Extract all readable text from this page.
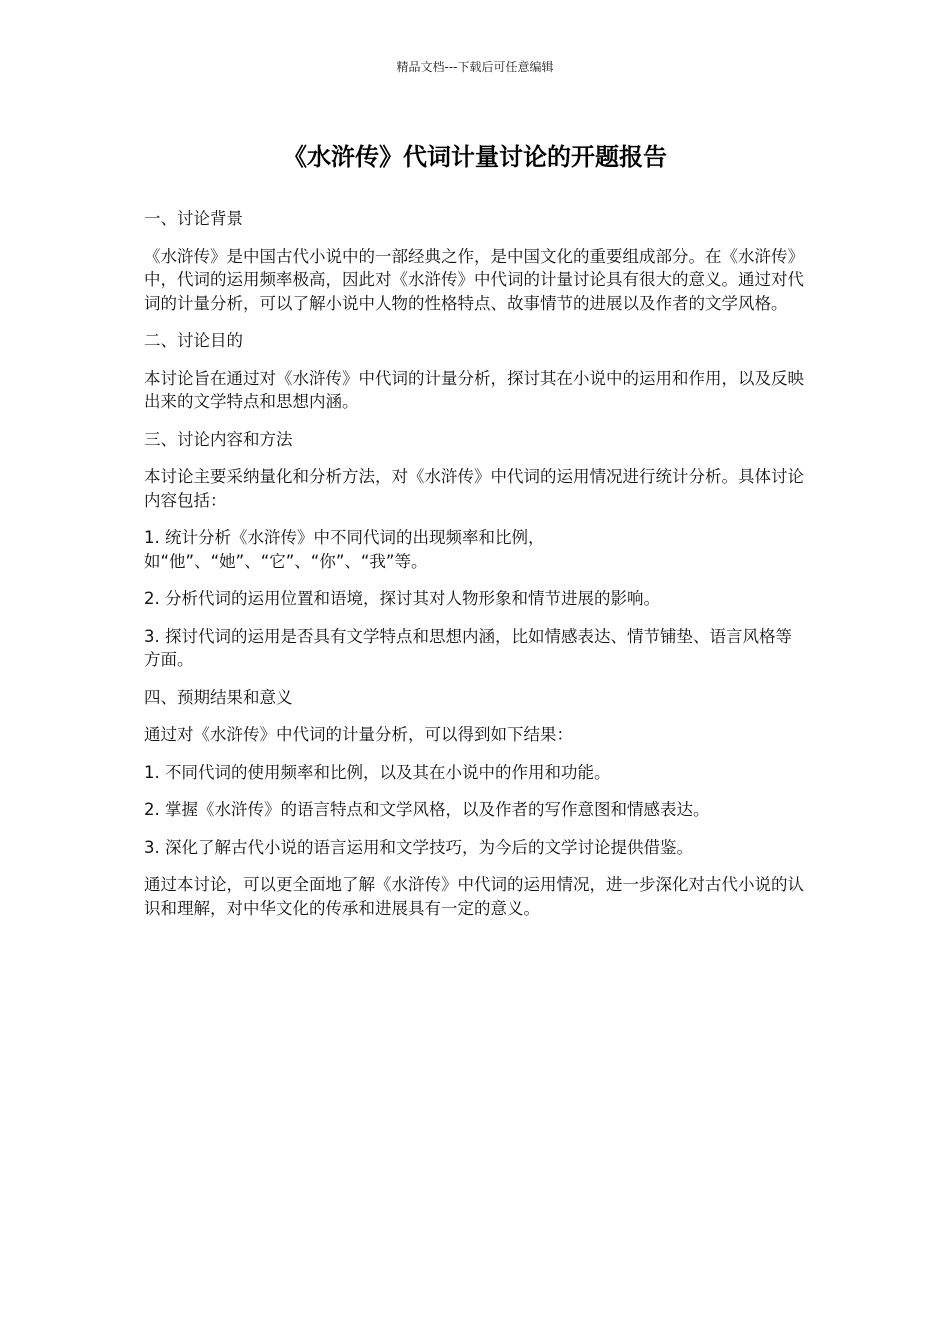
精品文档---下载后可任意编辑
《水浒传》代词计量讨论的开题报告

一、讨论背景

《水浒传》是中国古代小说中的一部经典之作，是中国文化的重要组成部分。在《水浒传》中，代词的运用频率极高，因此对《水浒传》中代词的计量讨论具有很大的意义。通过对代词的计量分析，可以了解小说中人物的性格特点、故事情节的进展以及作者的文学风格。

二、讨论目的

本讨论旨在通过对《水浒传》中代词的计量分析，探讨其在小说中的运用和作用，以及反映出来的文学特点和思想内涵。

三、讨论内容和方法

本讨论主要采纳量化和分析方法，对《水浒传》中代词的运用情况进行统计分析。具体讨论内容包括：

1. 统计分析《水浒传》中不同代词的出现频率和比例，如“他”、“她”、“它”、“你”、“我”等。

2. 分析代词的运用位置和语境，探讨其对人物形象和情节进展的影响。

3. 探讨代词的运用是否具有文学特点和思想内涵，比如情感表达、情节铺垫、语言风格等方面。

四、预期结果和意义

通过对《水浒传》中代词的计量分析，可以得到如下结果：

1. 不同代词的使用频率和比例，以及其在小说中的作用和功能。

2. 掌握《水浒传》的语言特点和文学风格，以及作者的写作意图和情感表达。

3. 深化了解古代小说的语言运用和文学技巧，为今后的文学讨论提供借鉴。

通过本讨论，可以更全面地了解《水浒传》中代词的运用情况，进一步深化对古代小说的认识和理解，对中华文化的传承和进展具有一定的意义。
